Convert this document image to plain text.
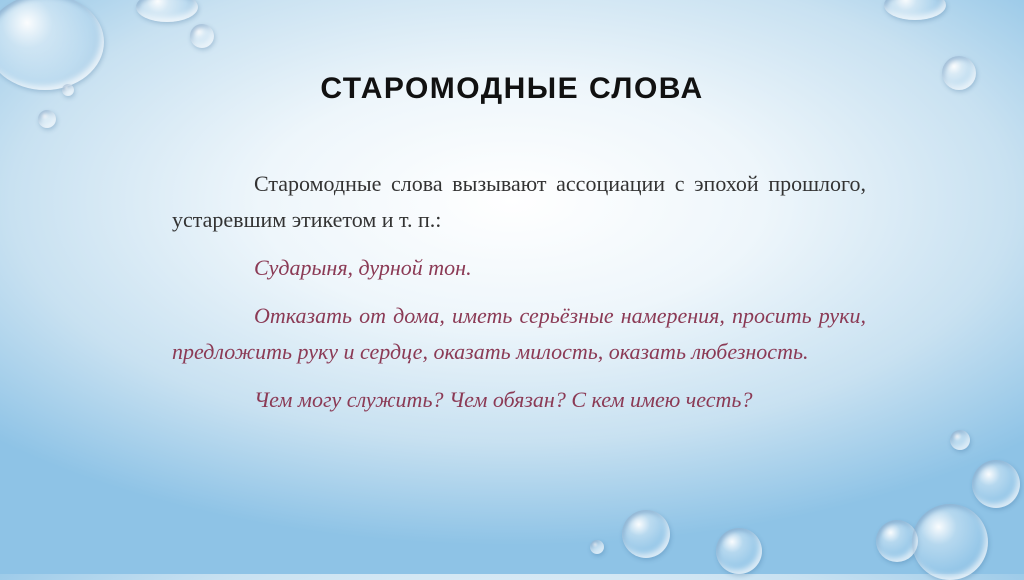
СТАРОМОДНЫЕ СЛОВА

Старомодные слова вызывают ассоциации с эпохой прошлого, устаревшим этикетом и т. п.:

Сударыня, дурной тон.

Отказать от дома, иметь серьёзные намерения, просить руки, предложить руку и сердце, оказать милость, оказать любезность.

Чем могу служить? Чем обязан? С кем имею честь?
